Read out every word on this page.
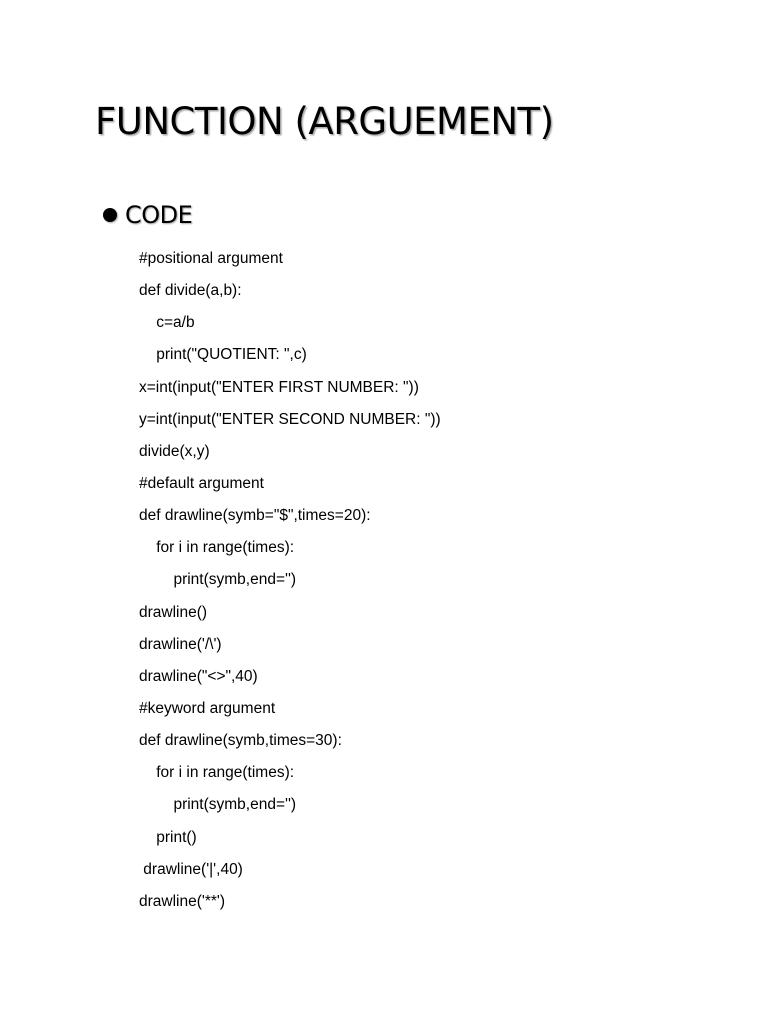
FUNCTION (ARGUEMENT)
CODE
#positional argument
def divide(a,b):
c=a/b
print("QUOTIENT: ",c)
x=int(input("ENTER FIRST NUMBER: "))
y=int(input("ENTER SECOND NUMBER: "))
divide(x,y)
#default argument
def drawline(symb="$",times=20):
for i in range(times):
print(symb,end='')
drawline()
drawline('/\')
drawline("<>",40)
#keyword argument
def drawline(symb,times=30):
for i in range(times):
print(symb,end='')
print()
drawline('|',40)
drawline('**')
